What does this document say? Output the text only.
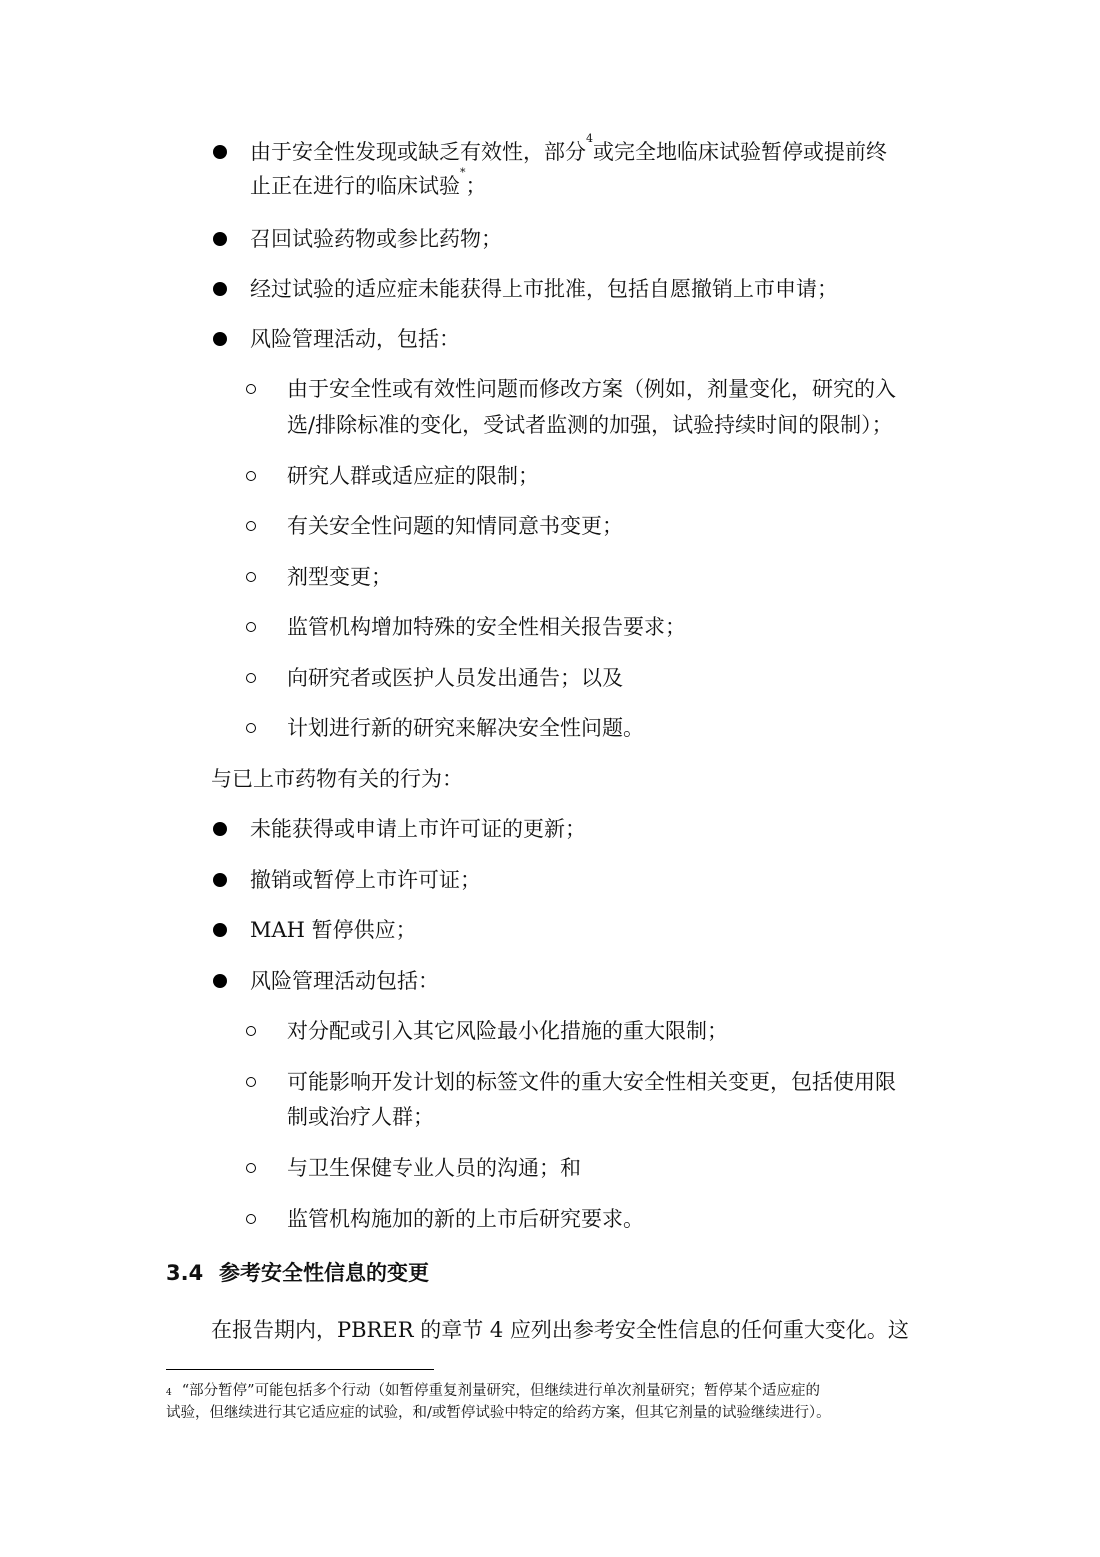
由于安全性发现或缺乏有效性，部分$^4$或完全地临床试验暂停或提前终
止正在进行的临床试验*；
召回试验药物或参比药物；
经过试验的适应症未能获得上市批准，包括自愿撤销上市申请；
风险管理活动，包括：
由于安全性或有效性问题而修改方案（例如，剂量变化，研究的入
选/排除标准的变化，受试者监测的加强，试验持续时间的限制）；
研究人群或适应症的限制；
有关安全性问题的知情同意书变更；
剂型变更；
监管机构增加特殊的安全性相关报告要求；
向研究者或医护人员发出通告；以及
计划进行新的研究来解决安全性问题。
与已上市药物有关的行为：
未能获得或申请上市许可证的更新；
撤销或暂停上市许可证；
MAH 暂停供应；
风险管理活动包括：
对分配或引入其它风险最小化措施的重大限制；
可能影响开发计划的标签文件的重大安全性相关变更，包括使用限
制或治疗人群；
与卫生保健专业人员的沟通；和
监管机构施加的新的上市后研究要求。
3.4 参考安全性信息的变更
在报告期内，PBRER 的章节 4 应列出参考安全性信息的任何重大变化。这
$^4$ “部分暂停”可能包括多个行动（如暂停重复剂量研究，但继续进行单次剂量研究；暂停某个适应症的
试验，但继续进行其它适应症的试验，和/或暂停试验中特定的给药方案，但其它剂量的试验继续进行）。
